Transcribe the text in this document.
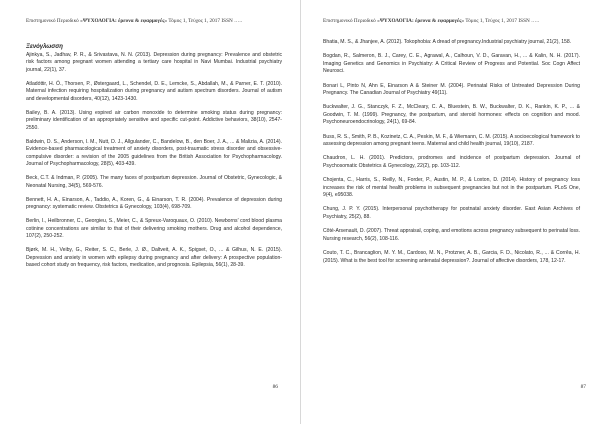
Επιστημονικό Περιοδικό «ΨΥΧΟΛΟΓΙΑ: έρευνα & εφαρμογές» Τόμος 1, Τεύχος 1, 2017 ISSN …..
Ξενόγλωσση

Ajinkya, S., Jadhav, P. R., & Srivastava, N. N. (2013). Depression during pregnancy: Prevalence and obstetric risk factors among pregnant women attending a tertiary care hospital in Navi Mumbai. Industrial psychiatry journal, 22(1), 37.

Atladóttir, H. Ó., Thorsen, P., Østergaard, L., Schendel, D. E., Lemcke, S., Abdallah, M., & Parner, E. T. (2010). Maternal infection requiring hospitalization during pregnancy and autism spectrum disorders. Journal of autism and developmental disorders, 40(12), 1423-1430.

Bailey, B. A. (2013). Using expired air carbon monoxide to determine smoking status during pregnancy: preliminary identification of an appropriately sensitive and specific cut-point. Addictive behaviors, 38(10), 2547-2550.

Baldwin, D. S., Anderson, I. M., Nutt, D. J., Allgulander, C., Bandelow, B., den Boer, J. A., ... & Malizia, A. (2014). Evidence-based pharmacological treatment of anxiety disorders, post-traumatic stress disorder and obsessive-compulsive disorder: a revision of the 2005 guidelines from the British Association for Psychopharmacology. Journal of Psychopharmacology, 28(5), 403-439.

Beck, C.T. & Indman, P. (2005). The many faces of postpartum depression. Journal of Obstetric, Gynecologic, & Neonatal Nursing, 34(5), 569-576.

Bennett, H. A., Einarson, A., Taddio, A., Koren, G., & Einarson, T. R. (2004). Prevalence of depression during pregnancy: systematic review. Obstetrics & Gynecology, 103(4), 698-709.

Berlin, I., Heilbronner, C., Georgieu, S., Meier, C., & Spreux-Varoquaux, O. (2010). Newborns' cord blood plasma cotinine concentrations are similar to that of their delivering smoking mothers. Drug and alcohol dependence, 107(2), 250-252.

Bjørk, M. H., Veiby, G., Reiter, S. C., Berle, J. Ø., Daltveit, A. K., Spigset, O., ... & Gilhus, N. E. (2015). Depression and anxiety in women with epilepsy during pregnancy and after delivery: A prospective population‐based cohort study on frequency, risk factors, medication, and prognosis. Epilepsia, 56(1), 28-39.

86
Επιστημονικό Περιοδικό «ΨΥΧΟΛΟΓΙΑ: έρευνα & εφαρμογές» Τόμος 1, Τεύχος 1, 2017 ISSN …..

Bhatia, M. S., & Jhanjee, A. (2012). Tokophobia: A dread of pregnancy.Industrial psychiatry journal, 21(2), 158.

Bogdan, R., Salmeron, B. J., Carey, C. E., Agrawal, A., Calhoun, V. D., Garavan, H., ... & Kalin, N. H. (2017). Imaging Genetics and Genomics in Psychiatry: A Critical Review of Progress and Potential. Soc Cogn Affect Neurosci.

Bonari L, Pinto N, Ahn E, Einarson A & Steiner M. (2004). Perinatal Risks of Untreated Depression During Pregnancy. The Canadian Journal of Psychiatry 49(11).

Buckwalter, J. G., Stanczyk, F. Z., McCleary, C. A., Bluestein, B. W., Buckwalter, D. K., Rankin, K. P., ... & Goodwin, T. M. (1999). Pregnancy, the postpartum, and steroid hormones: effects on cognition and mood. Psychoneuroendocrinology, 24(1), 69-84.

Buss, R. S., Smith, P. B., Kozinetz, C. A., Peskin, M. F., & Wiemann, C. M. (2015). A socioecological framework to assessing depression among pregnant teens. Maternal and child health journal, 19(10), 2187.

Chaudron, L. H. (2001). Predictors, prodromes and incidence of postpartum depression. Journal of Psychosomatic Obstetrics & Gynecology, 22(2), pp. 103-112.

Chojenta, C., Harris, S., Reilly, N., Forder, P., Austin, M. P., & Loxton, D. (2014). History of pregnancy loss increases the risk of mental health problems in subsequent pregnancies but not in the postpartum. PLoS One, 9(4), e95038.

Chung, J. P. Y. (2015). Interpersonal psychotherapy for postnatal anxiety disorder. East Asian Archives of Psychiatry, 25(2), 88.

Côté-Arsenault, D. (2007). Threat appraisal, coping, and emotions across pregnancy subsequent to perinatal loss. Nursing research, 56(2), 108-116.

Couto, T. C., Brancaglion, M. Y. M., Cardoso, M. N., Protzner, A. B., Garcia, F. D., Nicolato, R., ... & Corrêa, H. (2015). What is the best tool for screening antenatal depression?. Journal of affective disorders, 178, 12-17.

87
